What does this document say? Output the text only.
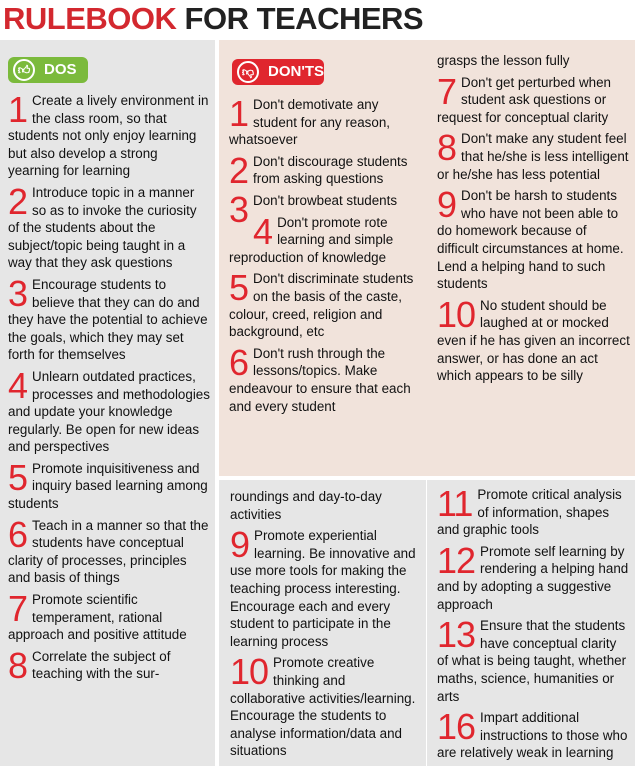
RULEBOOK FOR TEACHERS
👍︎ DOS	👎︎ DON'TS

1 Create a lively environment in the class room, so that students not only enjoy learning but also develop a strong yearning for learning

2 Introduce topic in a manner so as to invoke the curiosity of the students about the subject/topic being taught in a way that they ask questions

3 Encourage students to believe that they can do and they have the potential to achieve the goals, which they may set forth for themselves

4 Unlearn outdated practices, processes and methodologies and update your knowledge regularly. Be open for new ideas and perspectives

5 Promote inquisitiveness and inquiry based learning among students

6 Teach in a manner so that the students have conceptual clarity of processes, principles and basis of things

7 Promote scientific temperament, rational approach and positive attitude

8 Correlate the subject of teaching with the sur-

1 Don't demotivate any student for any reason, whatsoever

2 Don't discourage students from asking questions

3 Don't browbeat students

4 Don't promote rote learning and simple reproduction of knowledge

5 Don't discriminate students on the basis of the caste, colour, creed, religion and background, etc

6 Don't rush through the lessons/topics. Make endeavour to ensure that each and every student

grasps the lesson fully

7 Don't get perturbed when student ask questions or request for conceptual clarity

8 Don't make any student feel that he/she is less intelligent or he/she has less potential

9 Don't be harsh to students who have not been able to do homework because of difficult circumstances at home. Lend a helping hand to such students

10 No student should be laughed at or mocked even if he has given an incorrect answer, or has done an act which appears to be silly

roundings and day-to-day activities

9 Promote experiential learning. Be innovative and use more tools for making the teaching process interesting. Encourage each and every student to participate in the learning process

10 Promote creative thinking and collaborative activities/learning. Encourage the students to analyse information/data and situations

11 Promote critical analysis of information, shapes and graphic tools

12 Promote self learning by rendering a helping hand and by adopting a suggestive approach

13 Ensure that the students have conceptual clarity of what is being taught, whether maths, science, humanities or arts

16 Impart additional instructions to those who are relatively weak in learning
